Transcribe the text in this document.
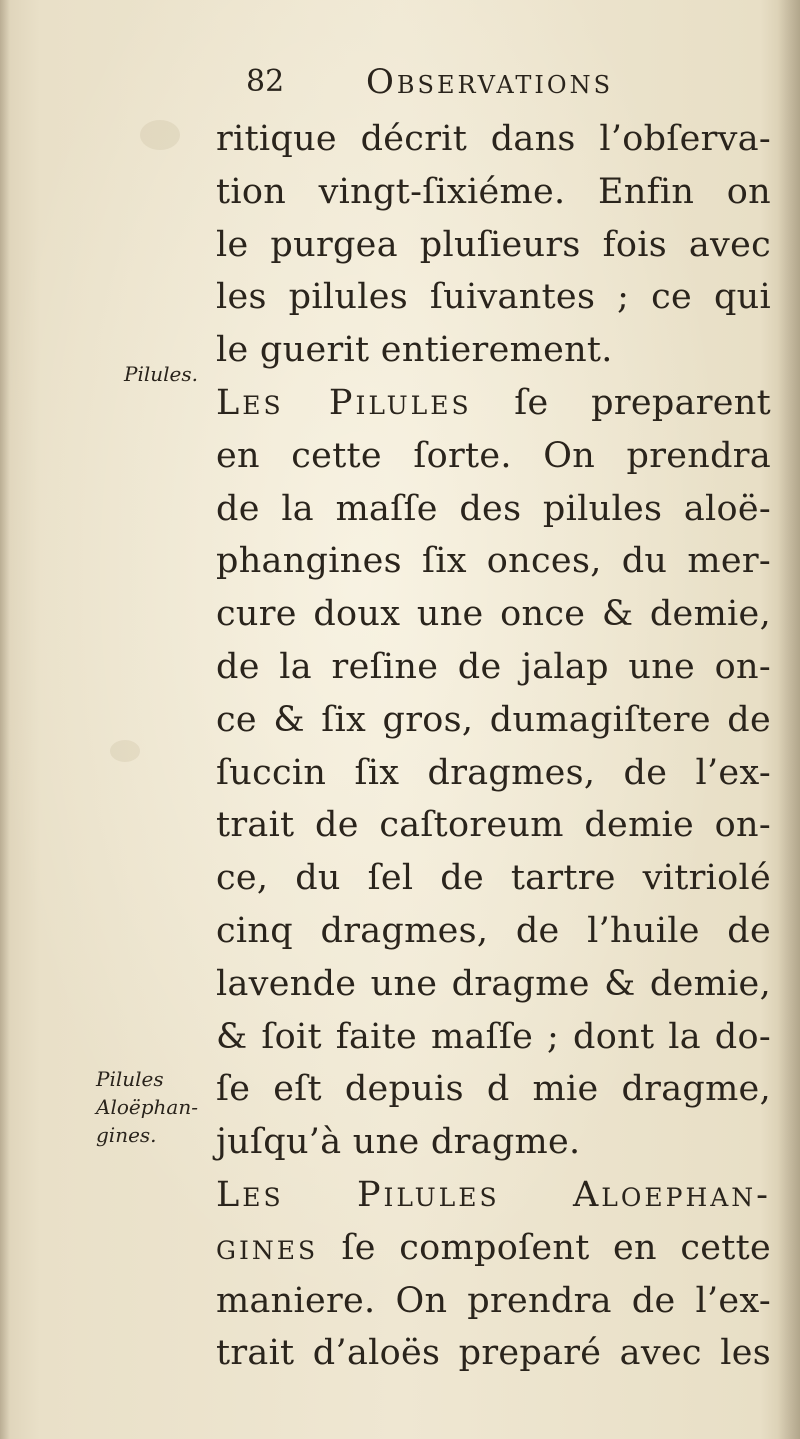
82 Observations
Pilules.
Pilules
Aloëphan-
gines.
ritique décrit dans l’obſerva-
tion vingt-ſixiéme. Enfin on
le purgea pluſieurs fois avec
les pilules ſuivantes ; ce qui
le guerit entierement.
Les Pilules ſe preparent
en cette ſorte. On prendra
de la maſſe des pilules aloë-
phangines ſix onces, du mer-
cure doux une once & demie,
de la reſine de jalap une on-
ce & ſix gros, dumagiſtere de
ſuccin ſix dragmes, de l’ex-
trait de caſtoreum demie on-
ce, du ſel de tartre vitriolé
cinq dragmes, de l’huile de
lavende une dragme & demie,
& ſoit faite maſſe ; dont la do-
ſe eſt depuis d mie dragme,
juſqu’à une dragme.
Les Pilules Aloephan-
gines ſe compoſent en cette
maniere. On prendra de l’ex-
trait d’aloës preparé avec les
